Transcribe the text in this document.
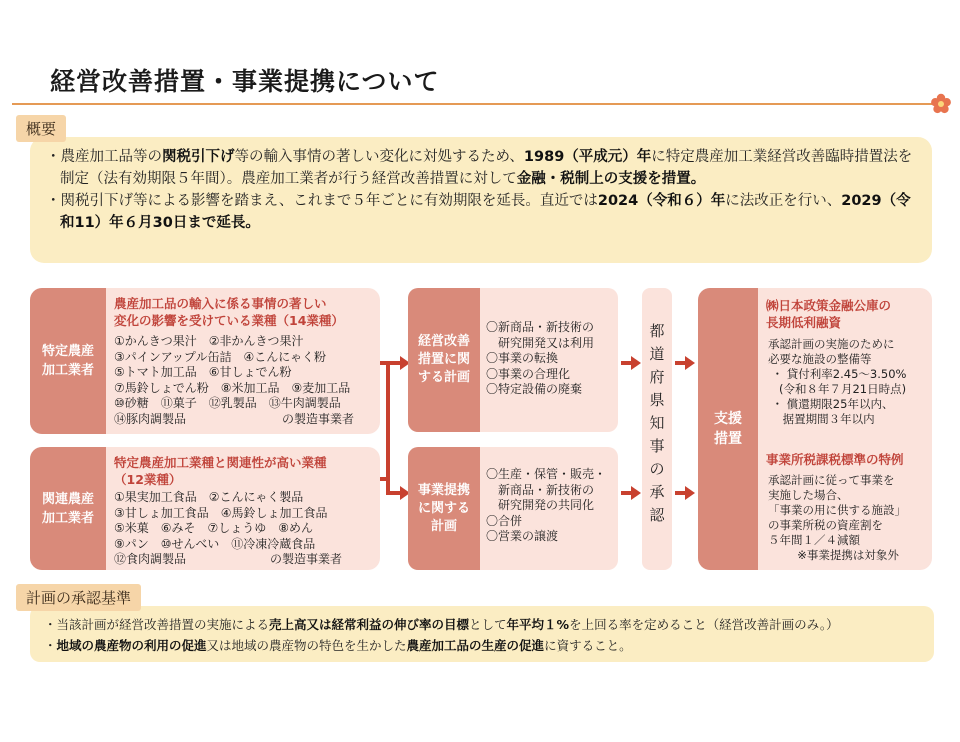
経営改善措置・事業提携について
概要

・農産加工品等の関税引下げ等の輸入事情の著しい変化に対処するため、1989（平成元）年に特定農産加工業経営改善臨時措置法を制定（法有効期限５年間）。農産加工業者が行う経営改善措置に対して金融・税制上の支援を措置。

・関税引下げ等による影響を踏まえ、これまで５年ごとに有効期限を延長。直近では2024（令和６）年に法改正を行い、2029（令和11）年６月30日まで延長。

特定農産
加工業者
農産加工品の輸入に係る事情の著しい
変化の影響を受けている業種（14業種）
①かんきつ果汁　②非かんきつ果汁
③パインアップル缶詰　④こんにゃく粉
⑤トマト加工品　⑥甘しょでん粉
⑦馬鈴しょでん粉　⑧米加工品　⑨麦加工品
⑩砂糖　⑪菓子　⑫乳製品　⑬牛肉調製品
⑭豚肉調製品　　　　　　　　の製造事業者
関連農産
加工業者
特定農産加工業種と関連性が高い業種
（12業種）
①果実加工食品　②こんにゃく製品
③甘しょ加工食品　④馬鈴しょ加工食品
⑤米菓　⑥みそ　⑦しょうゆ　⑧めん
⑨パン　⑩せんべい　⑪冷凍冷蔵食品
⑫食肉調製品　　　　　　　の製造事業者
経営改善
措置に関
する計画
〇新商品・新技術の
　研究開発又は利用
〇事業の転換
〇事業の合理化
〇特定設備の廃棄
事業提携
に関する
計画
〇生産・保管・販売・
　新商品・新技術の
　研究開発の共同化
〇合併
〇営業の譲渡
都
道
府
県
知
事
の
承
認
支援
措置
㈱日本政策金融公庫の
長期低利融資
承認計画の実施のために
必要な施設の整備等
・ 貸付利率2.45～3.50%
(令和８年７月21日時点)
・ 償還期限25年以内、
据置期間３年以内
事業所税課税標準の特例
承認計画に従って事業を
実施した場合、
「事業の用に供する施設」
の事業所税の資産割を
５年間１／４減額
※事業提携は対象外
計画の承認基準
・当該計画が経営改善措置の実施による売上高又は経常利益の伸び率の目標として年平均１%を上回る率を定めること（経営改善計画のみ。）
・地域の農産物の利用の促進又は地域の農産物の特色を生かした農産加工品の生産の促進に資すること。
